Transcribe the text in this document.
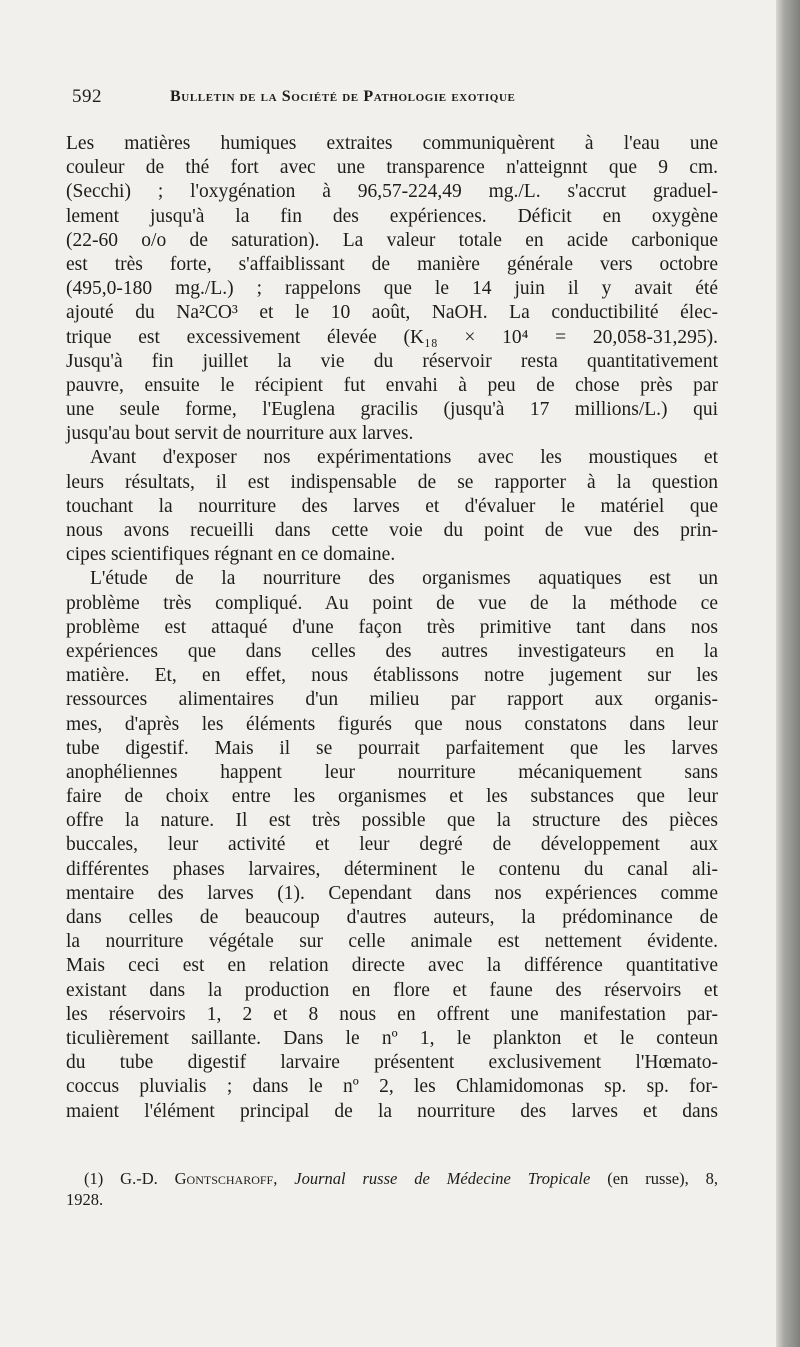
592	Bulletin de la Société de Pathologie exotique
Les matières humiques extraites communiquèrent à l'eau une
couleur de thé fort avec une transparence n'atteignnt que 9 cm.
(Secchi) ; l'oxygénation à 96,57-224,49 mg./L. s'accrut graduel-
lement jusqu'à la fin des expériences. Déficit en oxygène
(22-60 o/o de saturation). La valeur totale en acide carbonique
est très forte, s'affaiblissant de manière générale vers octobre
(495,0-180 mg./L.) ; rappelons que le 14 juin il y avait été
ajouté du Na²CO³ et le 10 août, NaOH. La conductibilité élec-
trique est excessivement élevée (K₁₈ × 10⁴ = 20,058-31,295).
Jusqu'à fin juillet la vie du réservoir resta quantitativement
pauvre, ensuite le récipient fut envahi à peu de chose près par
une seule forme, l'Euglena gracilis (jusqu'à 17 millions/L.) qui
jusqu'au bout servit de nourriture aux larves.
Avant d'exposer nos expérimentations avec les moustiques et
leurs résultats, il est indispensable de se rapporter à la question
touchant la nourriture des larves et d'évaluer le matériel que
nous avons recueilli dans cette voie du point de vue des prin-
cipes scientifiques régnant en ce domaine.
L'étude de la nourriture des organismes aquatiques est un
problème très compliqué. Au point de vue de la méthode ce
problème est attaqué d'une façon très primitive tant dans nos
expériences que dans celles des autres investigateurs en la
matière. Et, en effet, nous établissons notre jugement sur les
ressources alimentaires d'un milieu par rapport aux organis-
mes, d'après les éléments figurés que nous constatons dans leur
tube digestif. Mais il se pourrait parfaitement que les larves
anophéliennes happent leur nourriture mécaniquement sans
faire de choix entre les organismes et les substances que leur
offre la nature. Il est très possible que la structure des pièces
buccales, leur activité et leur degré de développement aux
différentes phases larvaires, déterminent le contenu du canal ali-
mentaire des larves (1). Cependant dans nos expériences comme
dans celles de beaucoup d'autres auteurs, la prédominance de
la nourriture végétale sur celle animale est nettement évidente.
Mais ceci est en relation directe avec la différence quantitative
existant dans la production en flore et faune des réservoirs et
les réservoirs 1, 2 et 8 nous en offrent une manifestation par-
ticulièrement saillante. Dans le nº 1, le plankton et le conteun
du tube digestif larvaire présentent exclusivement l'Hœmato-
coccus pluvialis ; dans le nº 2, les Chlamidomonas sp. sp. for-
maient l'élément principal de la nourriture des larves et dans
(1) G.-D. Gontscharoff, Journal russe de Médecine Tropicale (en russe), 8,
1928.
